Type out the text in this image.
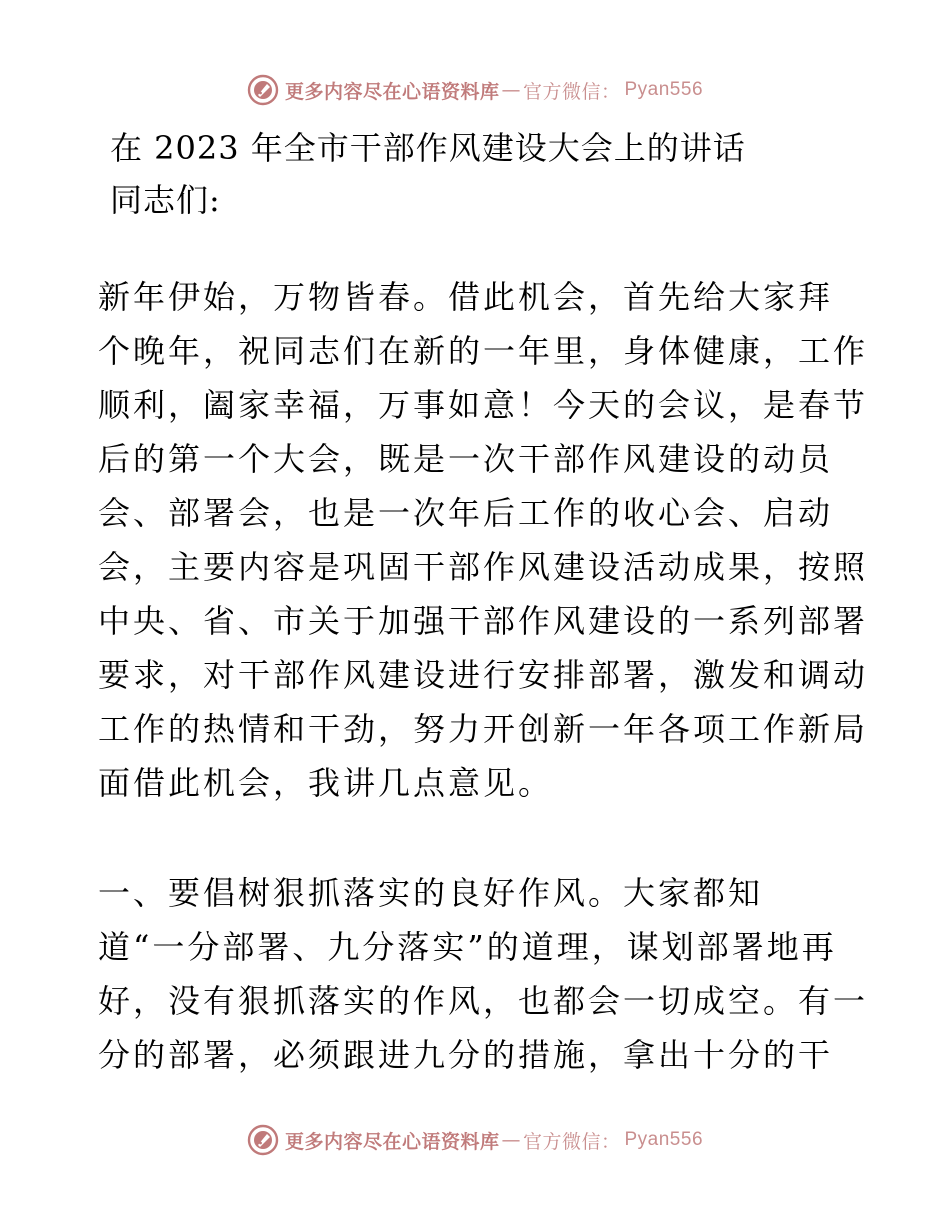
更多内容尽在心语资料库 — 官方微信： Pyan556
在 2023 年全市干部作风建设大会上的讲话
同志们:
新年伊始，万物皆春。借此机会，首先给大家拜
个晚年，祝同志们在新的一年里，身体健康，工作
顺利，阖家幸福，万事如意！今天的会议，是春节
后的第一个大会，既是一次干部作风建设的动员
会、部署会，也是一次年后工作的收心会、启动
会，主要内容是巩固干部作风建设活动成果，按照
中央、省、市关于加强干部作风建设的一系列部署
要求，对干部作风建设进行安排部署，激发和调动
工作的热情和干劲，努力开创新一年各项工作新局
面借此机会，我讲几点意见。
一、要倡树狠抓落实的良好作风。大家都知
道“一分部署、九分落实”的道理，谋划部署地再
好，没有狠抓落实的作风，也都会一切成空。有一
分的部署，必须跟进九分的措施，拿出十分的干
更多内容尽在心语资料库 — 官方微信： Pyan556
